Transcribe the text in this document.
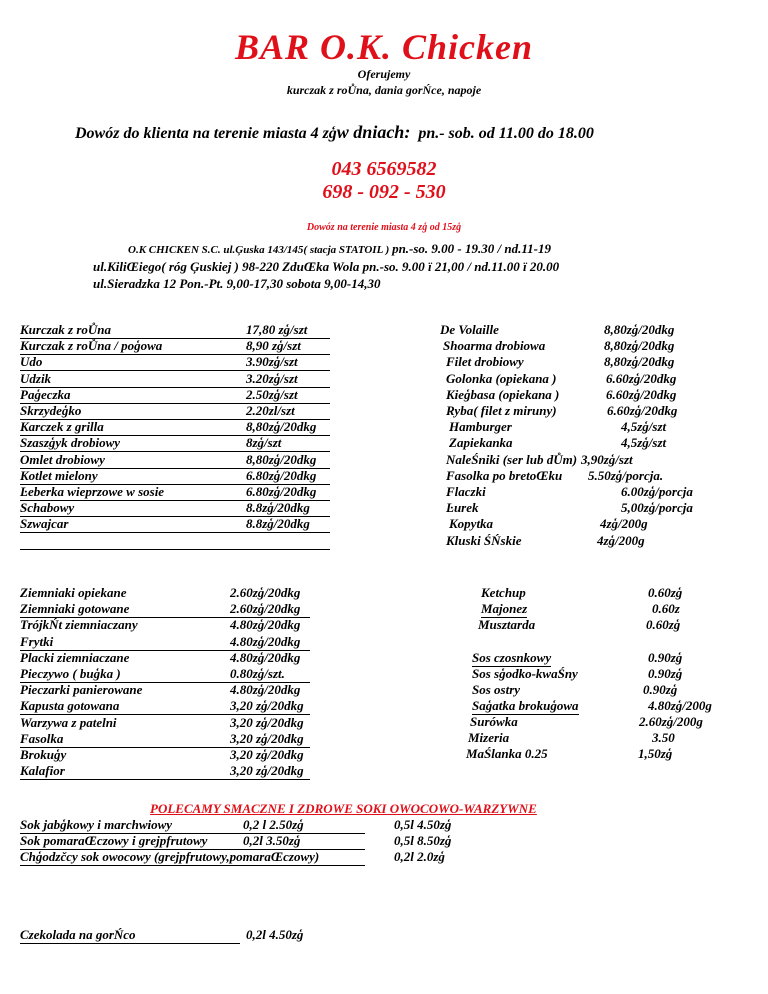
BAR O.K. Chicken
Oferujemy
kurczak z roŮna, dania gorŃce, napoje
Dowóz do klienta na terenie miasta 4 zģw dniach: pn.- sob. od 11.00 do 18.00
043 6569582
698 - 092 - 530
Dowóz na terenie miasta 4 zģ od 15zģ
O.K CHICKEN S.C. ul.Ģuska 143/145( stacja STATOIL ) pn.-so. 9.00 - 19.30 / nd.11-19
ul.KiliŒiego( róg Ģuskiej ) 98-220 ZduŒka Wola pn.-so. 9.00 ï 21,00 / nd.11.00 ï 20.00
ul.Sieradzka 12 Pon.-Pt. 9,00-17,30 sobota 9,00-14,30
Kurczak z roŮna	17,80 zģ/szt
Kurczak z roŮna / poģowa	8,90 zģ/szt
Udo	3.90zģ/szt
Udzik	3.20zģ/szt
Paģeczka	2.50zģ/szt
Skrzydeģko	2.20zl/szt
Karczek z grilla	8,80zģ/20dkg
Szaszģyk drobiowy	8zģ/szt
Omlet drobiowy	8,80zģ/20dkg
Kotlet mielony	6.80zģ/20dkg
Ŀeberka wieprzowe w sosie	6.80zģ/20dkg
Schabowy	8.8zģ/20dkg
Szwajcar	8.8zģ/20dkg
De Volaille	8,80zģ/20dkg
Shoarma drobiowa	8,80zģ/20dkg
Filet drobiowy	8,80zģ/20dkg
Golonka (opiekana )	6.60zģ/20dkg
Kieģbasa (opiekana )	6.60zģ/20dkg
Ryba( filet z miruny)	6.60zģ/20dkg
Hamburger	4,5zģ/szt
Zapiekanka	4,5zģ/szt
NaleŚniki (ser lub dŮm) 3,90zģ/szt
Fasolka po bretoŒku 5.50zģ/porcja.
Flaczki	6.00zģ/porcja
Ŀurek	5,00zģ/porcja
Kopytka	4zģ/200g
Kluski ŚŃskie	4zģ/200g
Ziemniaki opiekane	2.60zģ/20dkg
Ziemniaki gotowane	2.60zģ/20dkg
TrójkŃt ziemniaczany	4.80zģ/20dkg
Frytki	4.80zģ/20dkg
Placki ziemniaczane	4.80zģ/20dkg
Pieczywo ( buģka )	0.80zģ/szt.
Pieczarki panierowane	4.80zģ/20dkg
Kapusta gotowana	3,20 zģ/20dkg
Warzywa z patelni	3,20 zģ/20dkg
Fasolka	3,20 zģ/20dkg
Brokuģy	3,20 zģ/20dkg
Kalafior	3,20 zģ/20dkg
Ketchup	0.60zģ
Majonez	0.60z
Musztarda	0.60zģ
Sos czosnkowy	0.90zģ
Sos sģodko-kwaŚny	0.90zģ
Sos ostry	0.90zģ
Saģatka brokuģowa	4.80zģ/200g
Surówka	2.60zģ/200g
Mizeria	3.50
MaŚlanka 0.25	1,50zģ
POLECAMY SMACZNE I ZDROWE SOKI OWOCOWO-WARZYWNE
Sok jabģkowy i marchwiowy	0,2 l 2.50zģ	0,5l 4.50zģ
Sok pomaraŒczowy i grejpfrutowy	0,2l 3.50zģ	0,5l 8.50zģ
Chģodzčcy sok owocowy (grejpfrutowy,pomaraŒczowy)	0,2l 2.0zģ
Czekolada na gorŃco	0,2l 4.50zģ
